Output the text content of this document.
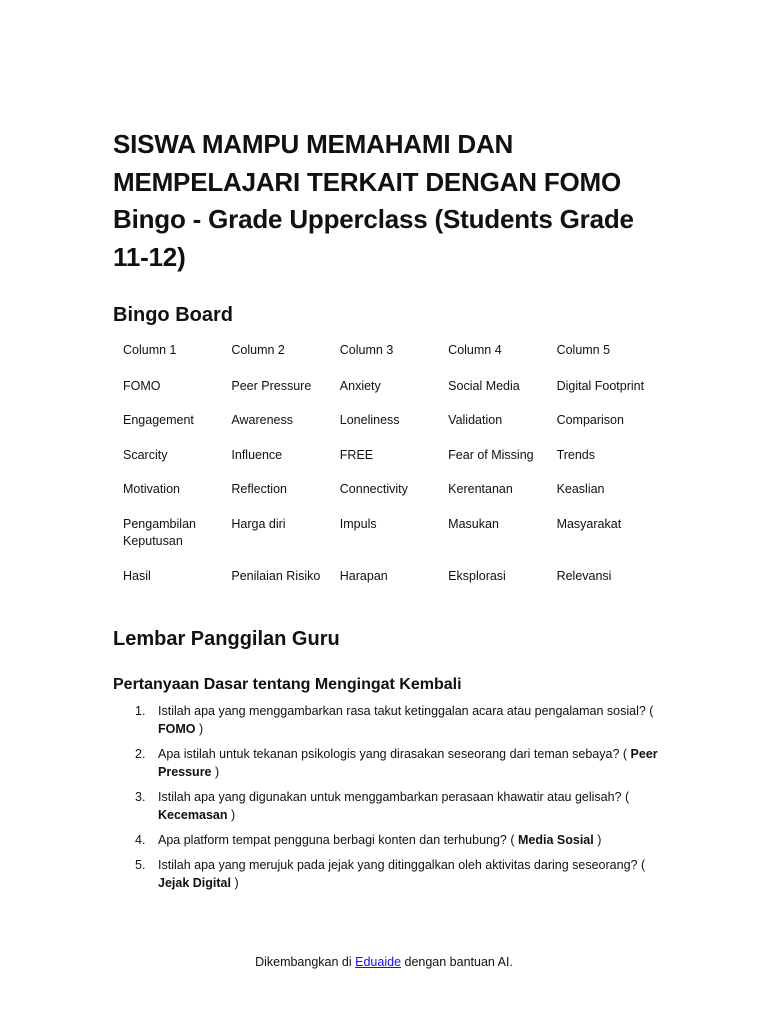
SISWA MAMPU MEMAHAMI DAN
MEMPELAJARI TERKAIT DENGAN FOMO
Bingo - Grade Upperclass (Students Grade
11-12)
Bingo Board
Column 1	Column 2	Column 3	Column 4	Column 5
FOMO	Peer Pressure	Anxiety	Social Media	Digital Footprint
Engagement	Awareness	Loneliness	Validation	Comparison
Scarcity	Influence	FREE	Fear of Missing	Trends
Motivation	Reflection	Connectivity	Kerentanan	Keaslian
Pengambilan Keputusan	Harga diri	Impuls	Masukan	Masyarakat
Hasil	Penilaian Risiko	Harapan	Eksplorasi	Relevansi
Lembar Panggilan Guru
Pertanyaan Dasar tentang Mengingat Kembali
1. Istilah apa yang menggambarkan rasa takut ketinggalan acara atau pengalaman sosial? ( FOMO )
2. Apa istilah untuk tekanan psikologis yang dirasakan seseorang dari teman sebaya? ( Peer Pressure )
3. Istilah apa yang digunakan untuk menggambarkan perasaan khawatir atau gelisah? ( Kecemasan )
4. Apa platform tempat pengguna berbagi konten dan terhubung? ( Media Sosial )
5. Istilah apa yang merujuk pada jejak yang ditinggalkan oleh aktivitas daring seseorang? ( Jejak Digital )
Dikembangkan di Eduaide dengan bantuan AI.
